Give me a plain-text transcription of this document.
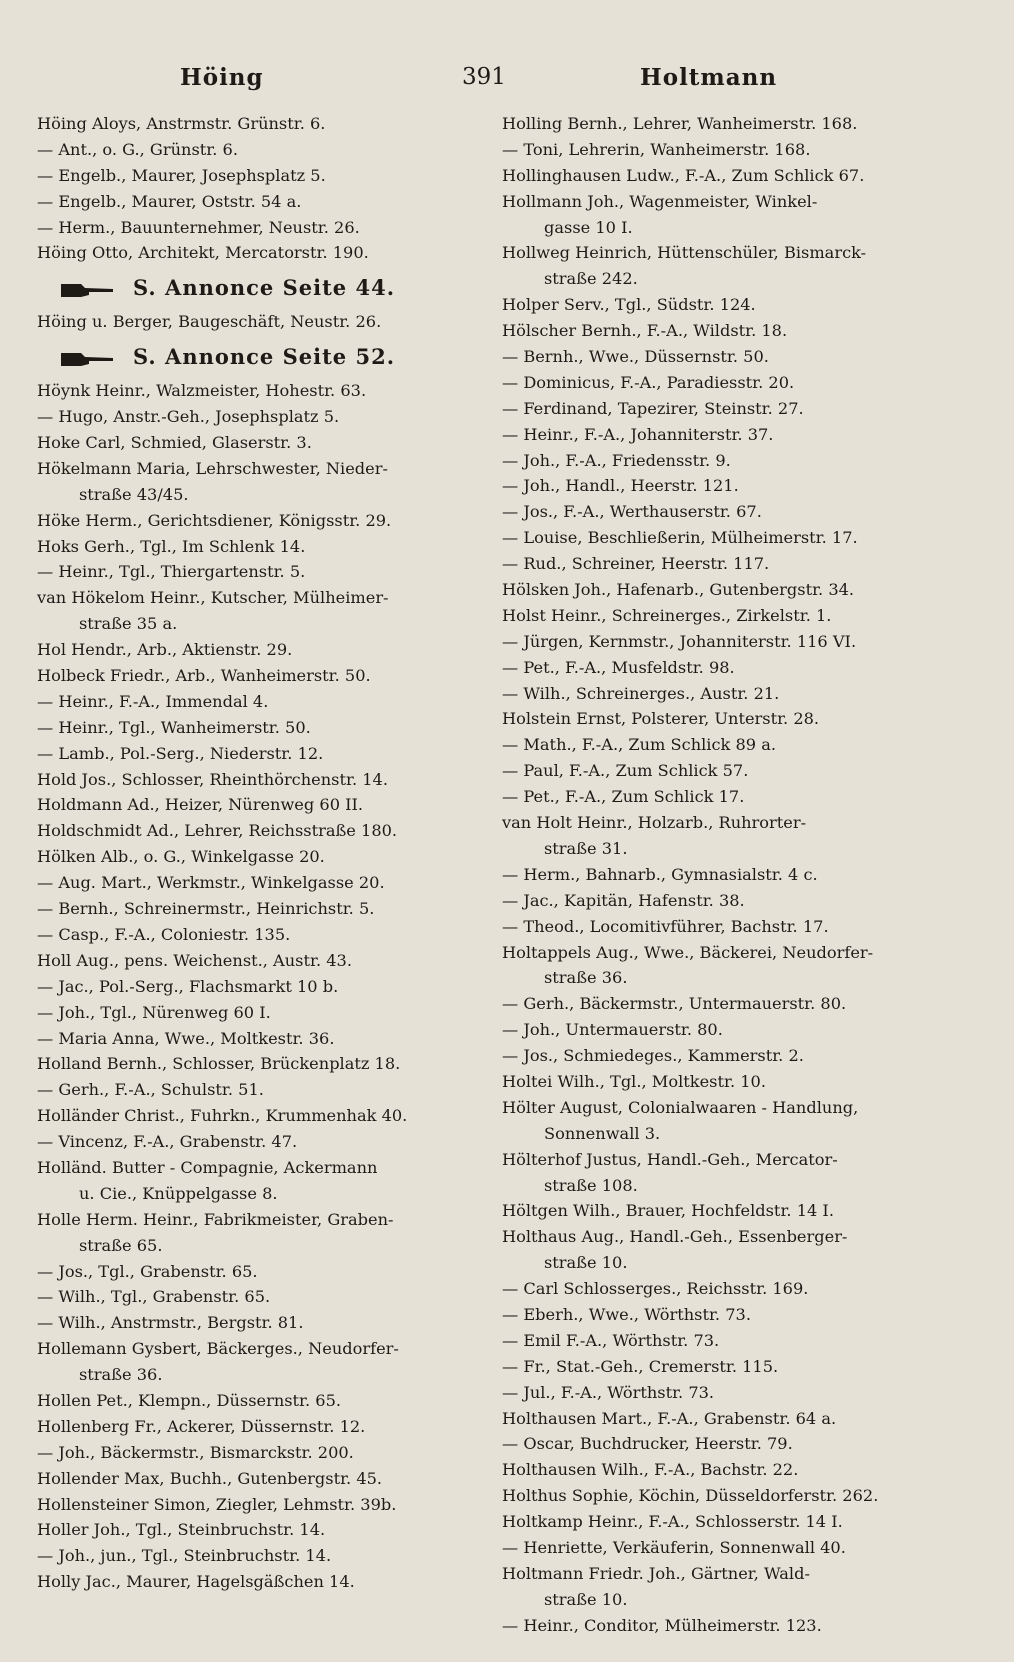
Höing	391	Holtmann
Höing Aloys, Anstrmstr. Grünstr. 6.
— Ant., o. G., Grünstr. 6.
— Engelb., Maurer, Josephsplatz 5.
— Engelb., Maurer, Oststr. 54 a.
— Herm., Bauunternehmer, Neustr. 26.
Höing Otto, Architekt, Mercatorstr. 190.
S. Annonce Seite 44.
Höing u. Berger, Baugeschäft, Neustr. 26.
S. Annonce Seite 52.
Höynk Heinr., Walzmeister, Hohestr. 63.
— Hugo, Anstr.-Geh., Josephsplatz 5.
Hoke Carl, Schmied, Glaserstr. 3.
Hökelmann Maria, Lehrschwester, Nieder-
straße 43/45.
Höke Herm., Gerichtsdiener, Königsstr. 29.
Hoks Gerh., Tgl., Im Schlenk 14.
— Heinr., Tgl., Thiergartenstr. 5.
van Hökelom Heinr., Kutscher, Mülheimer-
straße 35 a.
Hol Hendr., Arb., Aktienstr. 29.
Holbeck Friedr., Arb., Wanheimerstr. 50.
— Heinr., F.-A., Immendal 4.
— Heinr., Tgl., Wanheimerstr. 50.
— Lamb., Pol.-Serg., Niederstr. 12.
Hold Jos., Schlosser, Rheinthörchenstr. 14.
Holdmann Ad., Heizer, Nürenweg 60 II.
Holdschmidt Ad., Lehrer, Reichsstraße 180.
Hölken Alb., o. G., Winkelgasse 20.
— Aug. Mart., Werkmstr., Winkelgasse 20.
— Bernh., Schreinermstr., Heinrichstr. 5.
— Casp., F.-A., Coloniestr. 135.
Holl Aug., pens. Weichenst., Austr. 43.
— Jac., Pol.-Serg., Flachsmarkt 10 b.
— Joh., Tgl., Nürenweg 60 I.
— Maria Anna, Wwe., Moltkestr. 36.
Holland Bernh., Schlosser, Brückenplatz 18.
— Gerh., F.-A., Schulstr. 51.
Holländer Christ., Fuhrkn., Krummenhak 40.
— Vincenz, F.-A., Grabenstr. 47.
Holländ. Butter - Compagnie, Ackermann
u. Cie., Knüppelgasse 8.
Holle Herm. Heinr., Fabrikmeister, Graben-
straße 65.
— Jos., Tgl., Grabenstr. 65.
— Wilh., Tgl., Grabenstr. 65.
— Wilh., Anstrmstr., Bergstr. 81.
Hollemann Gysbert, Bäckerges., Neudorfer-
straße 36.
Hollen Pet., Klempn., Düssernstr. 65.
Hollenberg Fr., Ackerer, Düssernstr. 12.
— Joh., Bäckermstr., Bismarckstr. 200.
Hollender Max, Buchh., Gutenbergstr. 45.
Hollensteiner Simon, Ziegler, Lehmstr. 39b.
Holler Joh., Tgl., Steinbruchstr. 14.
— Joh., jun., Tgl., Steinbruchstr. 14.
Holly Jac., Maurer, Hagelsgäßchen 14.
Holling Bernh., Lehrer, Wanheimerstr. 168.
— Toni, Lehrerin, Wanheimerstr. 168.
Hollinghausen Ludw., F.-A., Zum Schlick 67.
Hollmann Joh., Wagenmeister, Winkel-
gasse 10 I.
Hollweg Heinrich, Hüttenschüler, Bismarck-
straße 242.
Holper Serv., Tgl., Südstr. 124.
Hölscher Bernh., F.-A., Wildstr. 18.
— Bernh., Wwe., Düssernstr. 50.
— Dominicus, F.-A., Paradiesstr. 20.
— Ferdinand, Tapezirer, Steinstr. 27.
— Heinr., F.-A., Johanniterstr. 37.
— Joh., F.-A., Friedensstr. 9.
— Joh., Handl., Heerstr. 121.
— Jos., F.-A., Werthauserstr. 67.
— Louise, Beschließerin, Mülheimerstr. 17.
— Rud., Schreiner, Heerstr. 117.
Hölsken Joh., Hafenarb., Gutenbergstr. 34.
Holst Heinr., Schreinerges., Zirkelstr. 1.
— Jürgen, Kernmstr., Johanniterstr. 116 VI.
— Pet., F.-A., Musfeldstr. 98.
— Wilh., Schreinerges., Austr. 21.
Holstein Ernst, Polsterer, Unterstr. 28.
— Math., F.-A., Zum Schlick 89 a.
— Paul, F.-A., Zum Schlick 57.
— Pet., F.-A., Zum Schlick 17.
van Holt Heinr., Holzarb., Ruhrorter-
straße 31.
— Herm., Bahnarb., Gymnasialstr. 4 c.
— Jac., Kapitän, Hafenstr. 38.
— Theod., Locomitivführer, Bachstr. 17.
Holtappels Aug., Wwe., Bäckerei, Neudorfer-
straße 36.
— Gerh., Bäckermstr., Untermauerstr. 80.
— Joh., Untermauerstr. 80.
— Jos., Schmiedeges., Kammerstr. 2.
Holtei Wilh., Tgl., Moltkestr. 10.
Hölter August, Colonialwaaren - Handlung,
Sonnenwall 3.
Hölterhof Justus, Handl.-Geh., Mercator-
straße 108.
Höltgen Wilh., Brauer, Hochfeldstr. 14 I.
Holthaus Aug., Handl.-Geh., Essenberger-
straße 10.
— Carl Schlosserges., Reichsstr. 169.
— Eberh., Wwe., Wörthstr. 73.
— Emil F.-A., Wörthstr. 73.
— Fr., Stat.-Geh., Cremerstr. 115.
— Jul., F.-A., Wörthstr. 73.
Holthausen Mart., F.-A., Grabenstr. 64 a.
— Oscar, Buchdrucker, Heerstr. 79.
Holthausen Wilh., F.-A., Bachstr. 22.
Holthus Sophie, Köchin, Düsseldorferstr. 262.
Holtkamp Heinr., F.-A., Schlosserstr. 14 I.
— Henriette, Verkäuferin, Sonnenwall 40.
Holtmann Friedr. Joh., Gärtner, Wald-
straße 10.
— Heinr., Conditor, Mülheimerstr. 123.
